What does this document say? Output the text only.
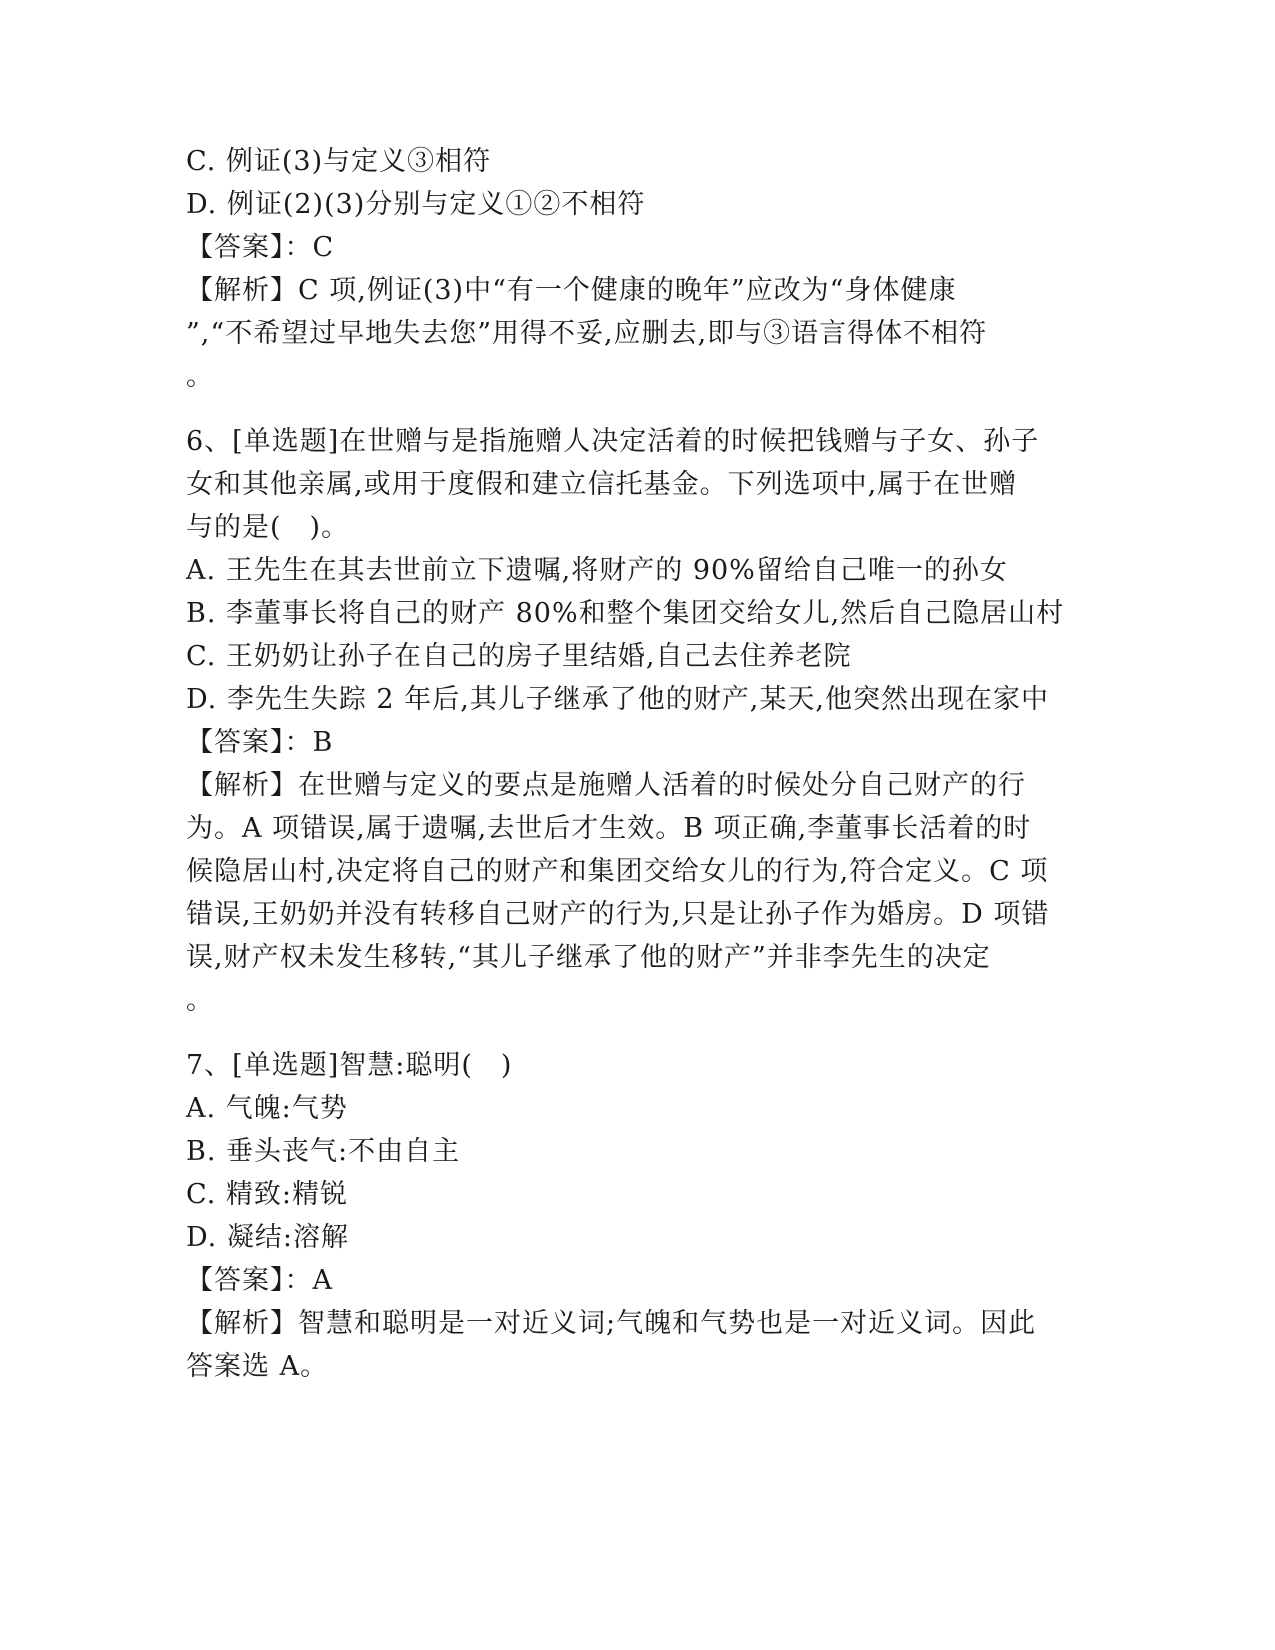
C. 例证(3)与定义③相符
D. 例证(2)(3)分别与定义①②不相符
【答案】：C
【解析】C 项,例证(3)中“有一个健康的晚年”应改为“身体健康
”,“不希望过早地失去您”用得不妥,应删去,即与③语言得体不相符
。
6、[单选题]在世赠与是指施赠人决定活着的时候把钱赠与子女、孙子
女和其他亲属,或用于度假和建立信托基金。下列选项中,属于在世赠
与的是(　)。
A. 王先生在其去世前立下遗嘱,将财产的 90%留给自己唯一的孙女
B. 李董事长将自己的财产 80%和整个集团交给女儿,然后自己隐居山村
C. 王奶奶让孙子在自己的房子里结婚,自己去住养老院
D. 李先生失踪 2 年后,其儿子继承了他的财产,某天,他突然出现在家中
【答案】：B
【解析】在世赠与定义的要点是施赠人活着的时候处分自己财产的行
为。A 项错误,属于遗嘱,去世后才生效。B 项正确,李董事长活着的时
候隐居山村,决定将自己的财产和集团交给女儿的行为,符合定义。C 项
错误,王奶奶并没有转移自己财产的行为,只是让孙子作为婚房。D 项错
误,财产权未发生移转,“其儿子继承了他的财产”并非李先生的决定
。
7、[单选题]智慧:聪明(　)
A. 气魄:气势
B. 垂头丧气:不由自主
C. 精致:精锐
D. 凝结:溶解
【答案】：A
【解析】智慧和聪明是一对近义词;气魄和气势也是一对近义词。因此
答案选 A。
